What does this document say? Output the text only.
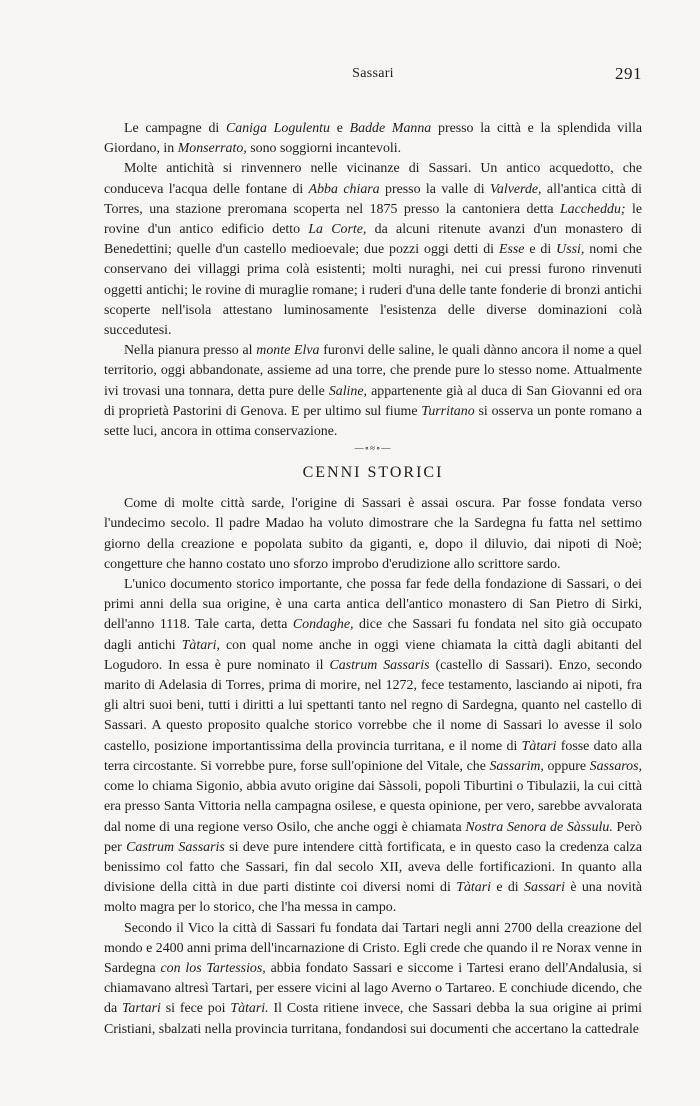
Sassari	291

Le campagne di Caniga Logulentu e Badde Manna presso la città e la splendida villa Giordano, in Monserrato, sono soggiorni incantevoli.

Molte antichità si rinvennero nelle vicinanze di Sassari. Un antico acquedotto, che conduceva l'acqua delle fontane di Abba chiara presso la valle di Valverde, all'antica città di Torres, una stazione preromana scoperta nel 1875 presso la cantoniera detta Laccheddu; le rovine d'un antico edificio detto La Corte, da alcuni ritenute avanzi d'un monastero di Benedettini; quelle d'un castello medioevale; due pozzi oggi detti di Esse e di Ussi, nomi che conservano dei villaggi prima colà esistenti; molti nuraghi, nei cui pressi furono rinvenuti oggetti antichi; le rovine di muraglie romane; i ruderi d'una delle tante fonderie di bronzi antichi scoperte nell'isola attestano luminosamente l'esistenza delle diverse dominazioni colà succedutesi.

Nella pianura presso al monte Elva furonvi delle saline, le quali dànno ancora il nome a quel territorio, oggi abbandonate, assieme ad una torre, che prende pure lo stesso nome. Attualmente ivi trovasi una tonnara, detta pure delle Saline, appartenente già al duca di San Giovanni ed ora di proprietà Pastorini di Genova. E per ultimo sul fiume Turritano si osserva un ponte romano a sette luci, ancora in ottima conservazione.

—∘≈∘—
CENNI STORICI

Come di molte città sarde, l'origine di Sassari è assai oscura. Par fosse fondata verso l'undecimo secolo. Il padre Madao ha voluto dimostrare che la Sardegna fu fatta nel settimo giorno della creazione e popolata subito da giganti, e, dopo il diluvio, dai nipoti di Noè; congetture che hanno costato uno sforzo improbo d'erudizione allo scrittore sardo.

L'unico documento storico importante, che possa far fede della fondazione di Sassari, o dei primi anni della sua origine, è una carta antica dell'antico monastero di San Pietro di Sirki, dell'anno 1118. Tale carta, detta Condaghe, dice che Sassari fu fondata nel sito già occupato dagli antichi Tàtari, con qual nome anche in oggi viene chiamata la città dagli abitanti del Logudoro. In essa è pure nominato il Castrum Sassaris (castello di Sassari). Enzo, secondo marito di Adelasia di Torres, prima di morire, nel 1272, fece testamento, lasciando ai nipoti, fra gli altri suoi beni, tutti i diritti a lui spettanti tanto nel regno di Sardegna, quanto nel castello di Sassari. A questo proposito qualche storico vorrebbe che il nome di Sassari lo avesse il solo castello, posizione importantissima della provincia turritana, e il nome di Tàtari fosse dato alla terra circostante. Si vorrebbe pure, forse sull'opinione del Vitale, che Sassarim, oppure Sassaros, come lo chiama Sigonio, abbia avuto origine dai Sàssoli, popoli Tiburtini o Tibulazii, la cui città era presso Santa Vittoria nella campagna osilese, e questa opinione, per vero, sarebbe avvalorata dal nome di una regione verso Osilo, che anche oggi è chiamata Nostra Senora de Sàssulu. Però per Castrum Sassaris si deve pure intendere città fortificata, e in questo caso la credenza calza benissimo col fatto che Sassari, fin dal secolo XII, aveva delle fortificazioni. In quanto alla divisione della città in due parti distinte coi diversi nomi di Tàtari e di Sassari è una novità molto magra per lo storico, che l'ha messa in campo.

Secondo il Vico la città di Sassari fu fondata dai Tartari negli anni 2700 della creazione del mondo e 2400 anni prima dell'incarnazione di Cristo. Egli crede che quando il re Norax venne in Sardegna con los Tartessios, abbia fondato Sassari e siccome i Tartesi erano dell'Andalusia, si chiamavano altresì Tartari, per essere vicini al lago Averno o Tartareo. E conchiude dicendo, che da Tartari si fece poi Tàtari. Il Costa ritiene invece, che Sassari debba la sua origine ai primi Cristiani, sbalzati nella provincia turritana, fondandosi sui documenti che accertano la cattedrale
